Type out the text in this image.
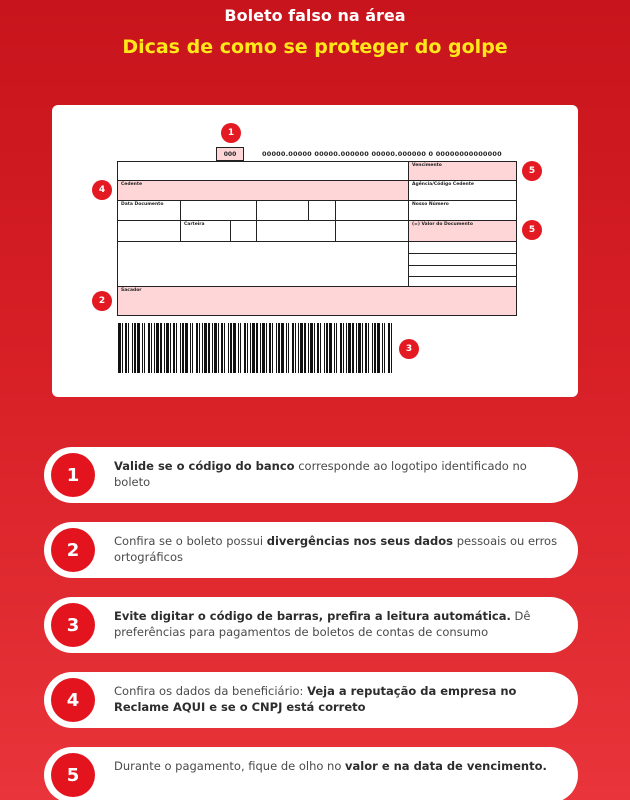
Boleto falso na área
Dicas de como se proteger do golpe
1
000	00000.00000 00000.000000 00000.000000 0 00000000000000
Vencimento
Cedente	Agência/Código Cedente
Data Documento	Nosso Número
Carteira	(=) Valor do Documento
Sacador
4
5
5
2
3
1	Valide se o código do banco corresponde ao logotipo identificado no boleto
2	Confira se o boleto possui divergências nos seus dados pessoais ou erros ortográficos
3	Evite digitar o código de barras, prefira a leitura automática. Dê preferências para pagamentos de boletos de contas de consumo
4	Confira os dados da beneficiário: Veja a reputação da empresa no Reclame AQUI e se o CNPJ está correto
5	Durante o pagamento, fique de olho no valor e na data de vencimento.
